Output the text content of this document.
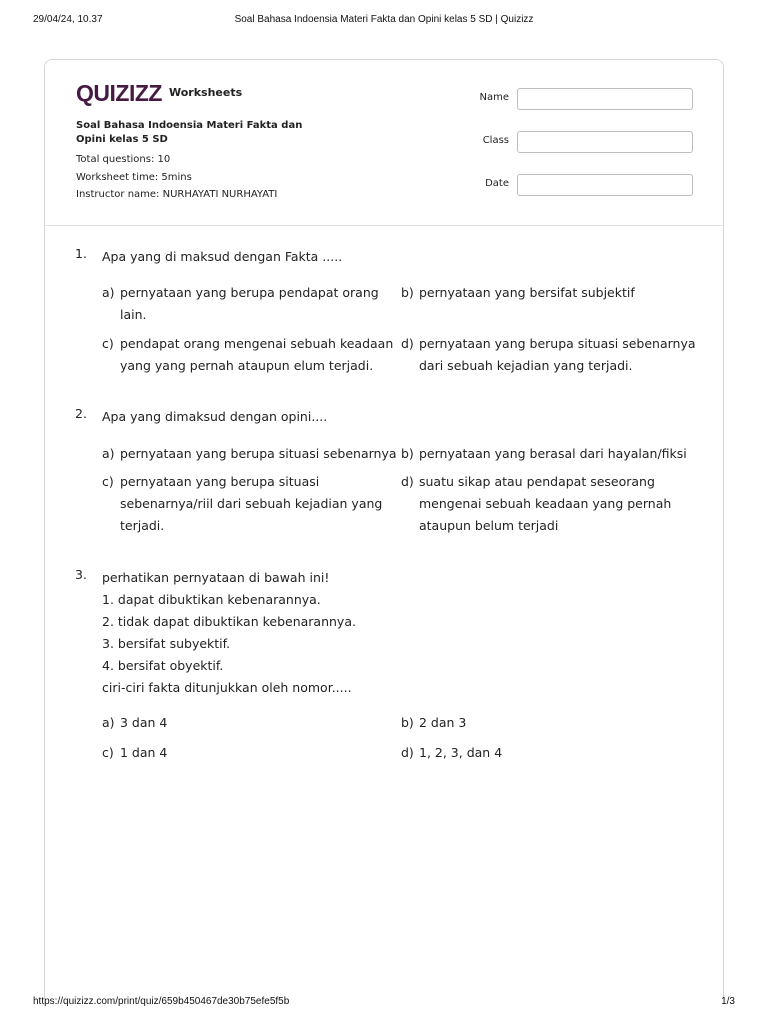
29/04/24, 10.37	Soal Bahasa Indoensia Materi Fakta dan Opini kelas 5 SD | Quizizz
QUIZIZZ Worksheets
Soal Bahasa Indoensia Materi Fakta dan Opini kelas 5 SD
Total questions: 10
Worksheet time: 5mins
Instructor name: NURHAYATI NURHAYATI
Name
Class
Date
1. Apa yang di maksud dengan Fakta .....
a) pernyataan yang berupa pendapat orang lain.
b) pernyataan yang bersifat subjektif
c) pendapat orang mengenai sebuah keadaan yang yang pernah ataupun elum terjadi.
d) pernyataan yang berupa situasi sebenarnya dari sebuah kejadian yang terjadi.
2. Apa yang dimaksud dengan opini....
a) pernyataan yang berupa situasi sebenarnya b) pernyataan yang berasal dari hayalan/fiksi
c) pernyataan yang berupa situasi sebenarnya/riil dari sebuah kejadian yang terjadi.
d) suatu sikap atau pendapat seseorang mengenai sebuah keadaan yang pernah ataupun belum terjadi
3. perhatikan pernyataan di bawah ini!
1. dapat dibuktikan kebenarannya.
2. tidak dapat dibuktikan kebenarannya.
3. bersifat subyektif.
4. bersifat obyektif.
ciri-ciri fakta ditunjukkan oleh nomor.....
a) 3 dan 4	b) 2 dan 3
c) 1 dan 4	d) 1, 2, 3, dan 4
https://quizizz.com/print/quiz/659b450467de30b75efe5f5b	1/3
